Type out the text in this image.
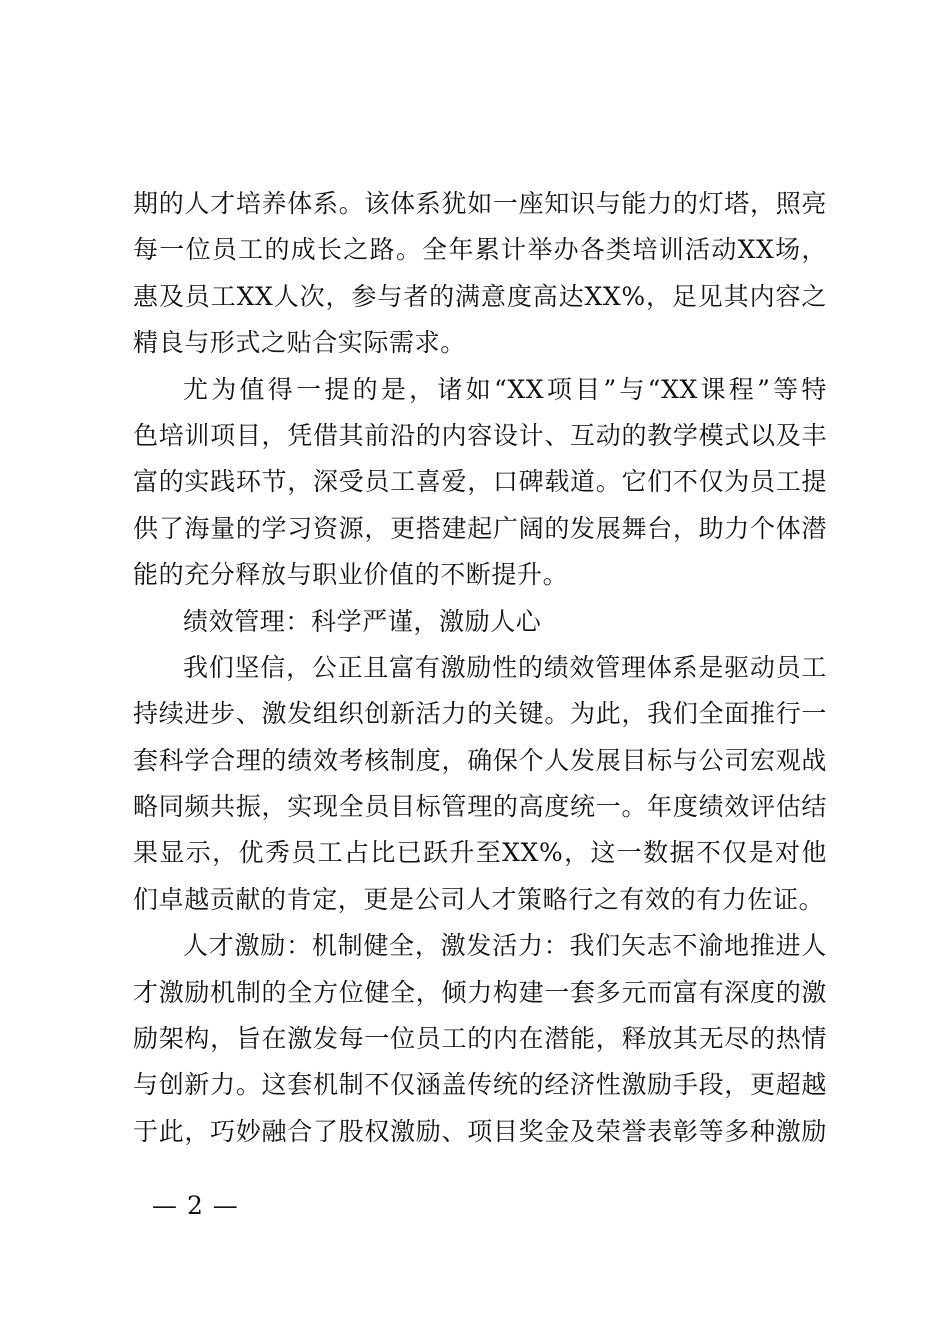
期的人才培养体系。该体系犹如一座知识与能力的灯塔，照亮
每一位员工的成长之路。全年累计举办各类培训活动XX场，
惠及员工XX人次，参与者的满意度高达XX%，足见其内容之
精良与形式之贴合实际需求。
尤为值得一提的是，诸如“XX项目”与“XX课程”等特
色培训项目，凭借其前沿的内容设计、互动的教学模式以及丰
富的实践环节，深受员工喜爱，口碑载道。它们不仅为员工提
供了海量的学习资源，更搭建起广阔的发展舞台，助力个体潜
能的充分释放与职业价值的不断提升。
绩效管理：科学严谨，激励人心
我们坚信，公正且富有激励性的绩效管理体系是驱动员工
持续进步、激发组织创新活力的关键。为此，我们全面推行一
套科学合理的绩效考核制度，确保个人发展目标与公司宏观战
略同频共振，实现全员目标管理的高度统一。年度绩效评估结
果显示，优秀员工占比已跃升至XX%，这一数据不仅是对他
们卓越贡献的肯定，更是公司人才策略行之有效的有力佐证。
人才激励：机制健全，激发活力：我们矢志不渝地推进人
才激励机制的全方位健全，倾力构建一套多元而富有深度的激
励架构，旨在激发每一位员工的内在潜能，释放其无尽的热情
与创新力。这套机制不仅涵盖传统的经济性激励手段，更超越
于此，巧妙融合了股权激励、项目奖金及荣誉表彰等多种激励
— 2 —
